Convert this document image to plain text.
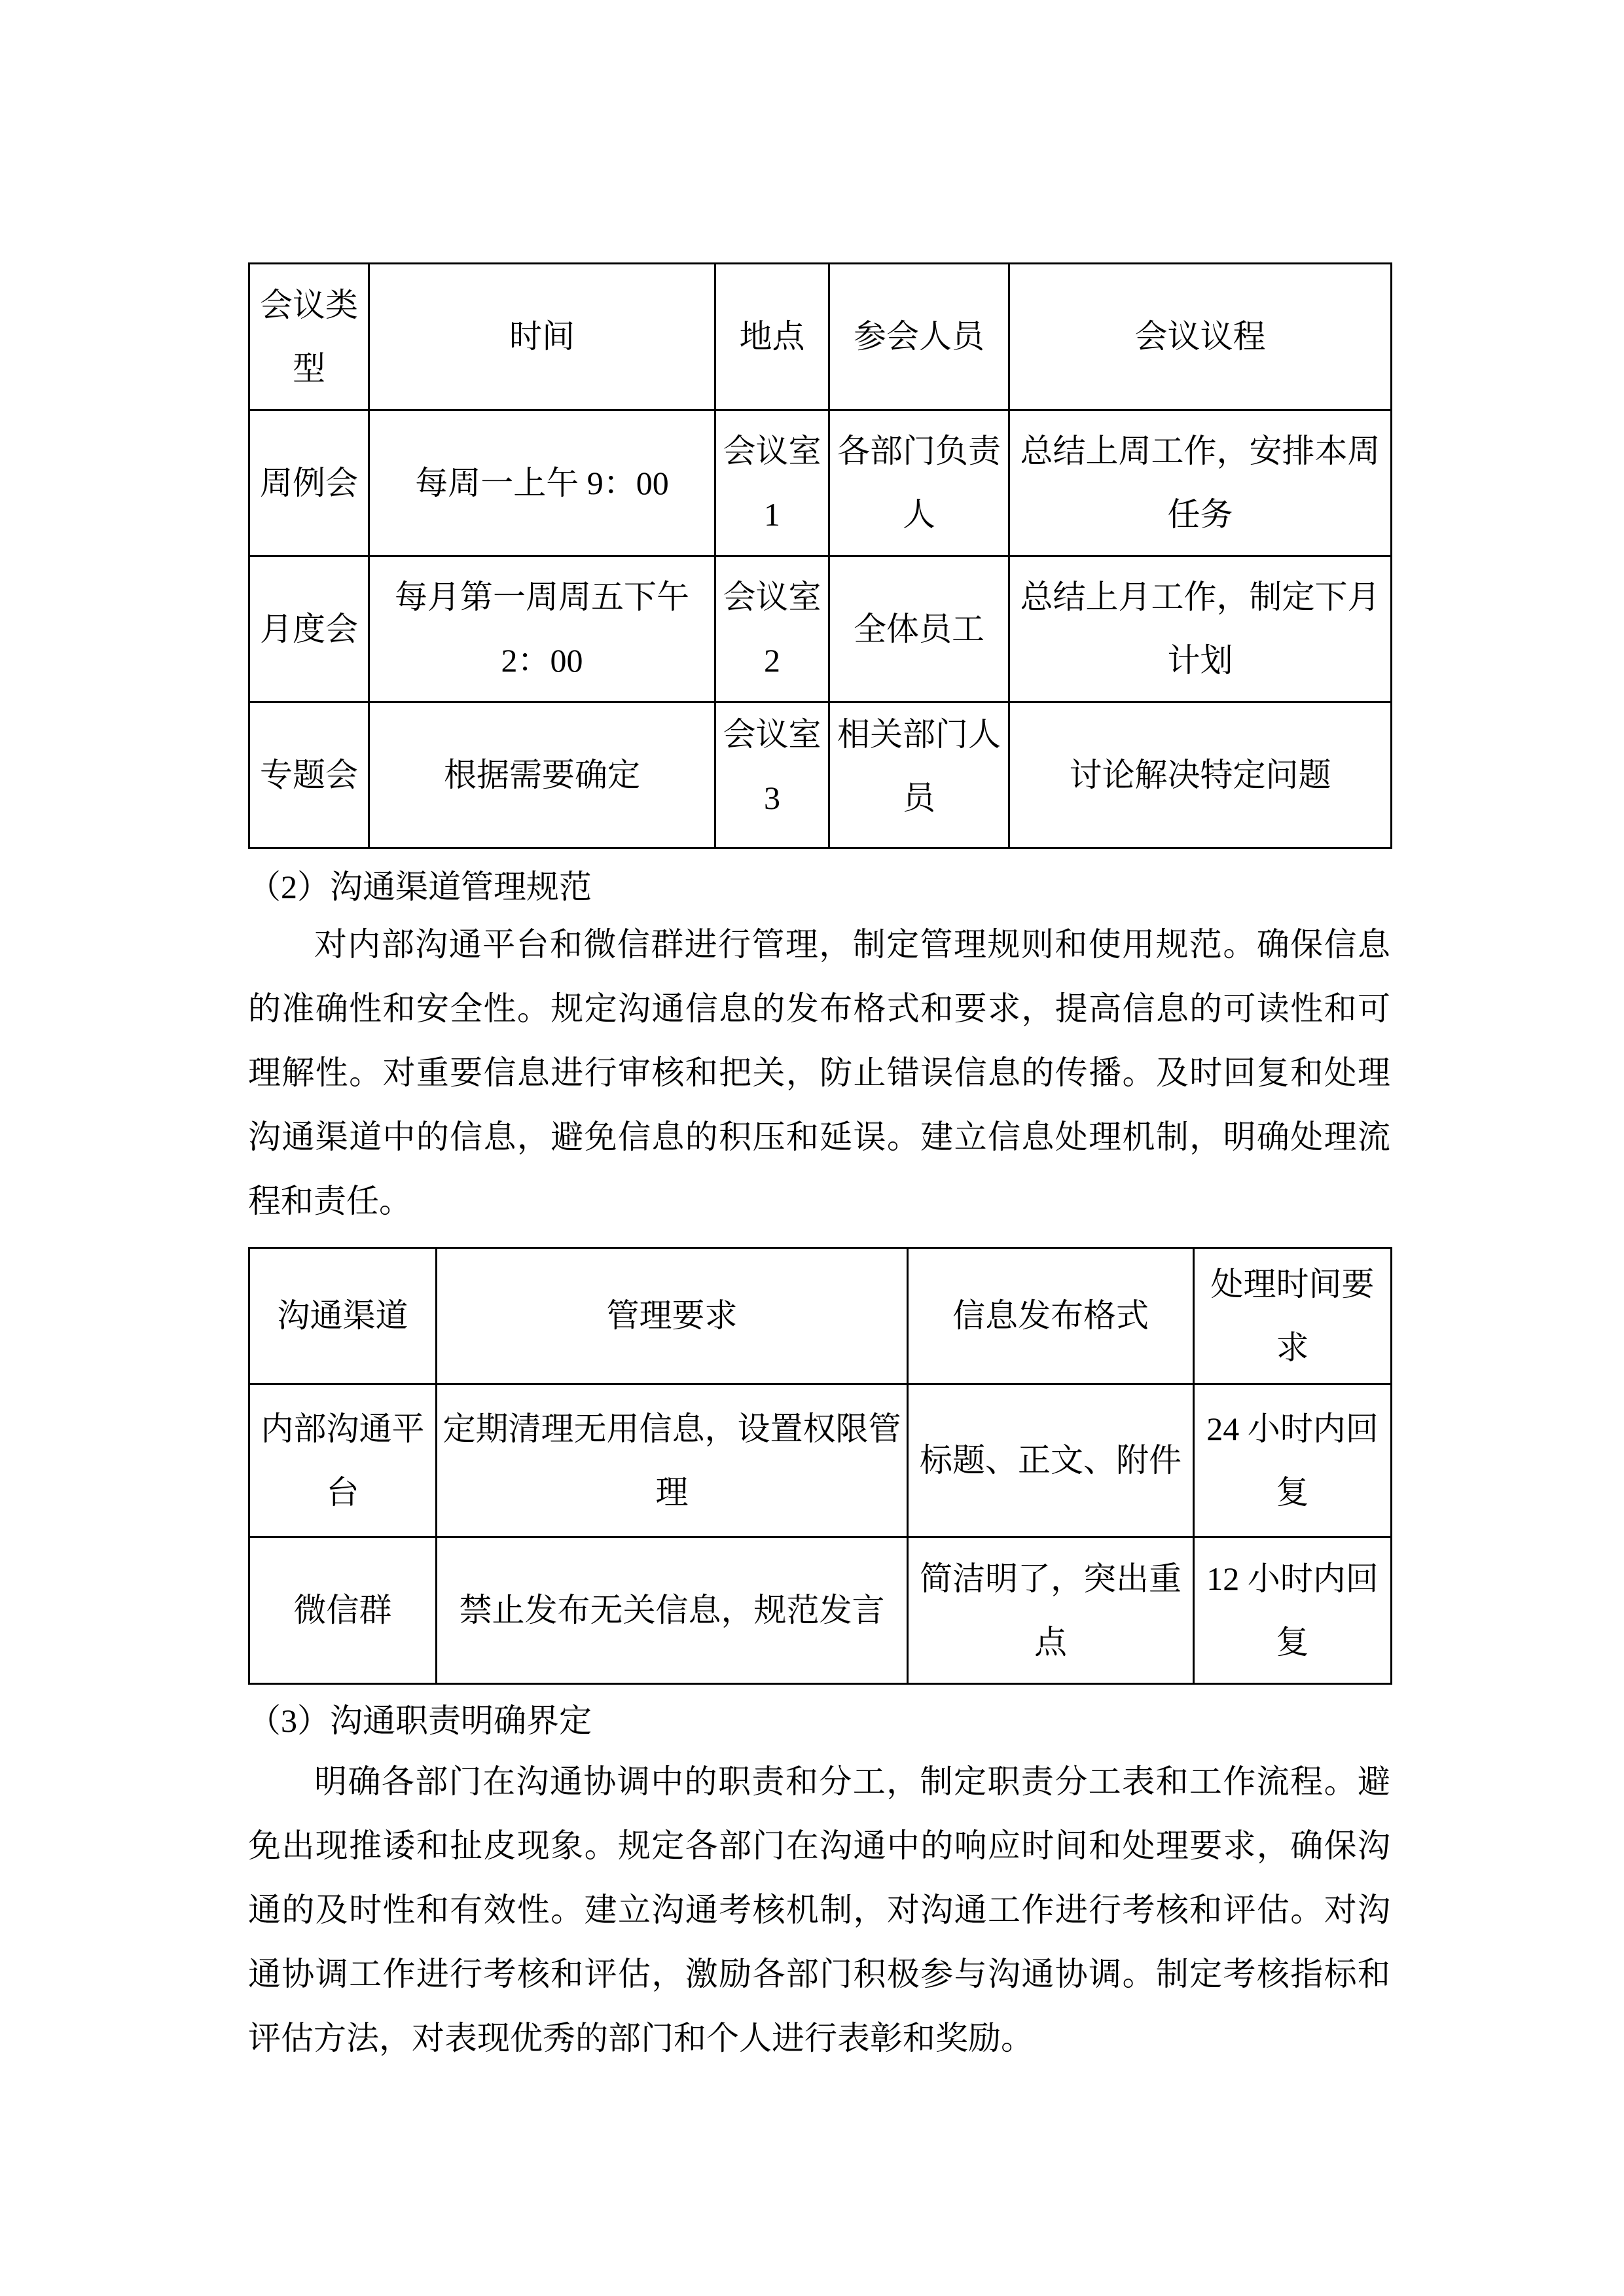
会议类型	时间	地点	参会人员	会议议程
周例会	每周一上午 9：00	会议室 1	各部门负责人	总结上周工作，安排本周任务
月度会	每月第一周周五下午 2：00	会议室 2	全体员工	总结上月工作，制定下月计划
专题会	根据需要确定	会议室 3	相关部门人员	讨论解决特定问题
（2）沟通渠道管理规范
对内部沟通平台和微信群进行管理，制定管理规则和使用规范。确保信息
的准确性和安全性。规定沟通信息的发布格式和要求，提高信息的可读性和可
理解性。对重要信息进行审核和把关，防止错误信息的传播。及时回复和处理
沟通渠道中的信息，避免信息的积压和延误。建立信息处理机制，明确处理流
程和责任。
沟通渠道	管理要求	信息发布格式	处理时间要求
内部沟通平台	定期清理无用信息，设置权限管理	标题、正文、附件	24 小时内回复
微信群	禁止发布无关信息，规范发言	简洁明了，突出重点	12 小时内回复
（3）沟通职责明确界定
明确各部门在沟通协调中的职责和分工，制定职责分工表和工作流程。避
免出现推诿和扯皮现象。规定各部门在沟通中的响应时间和处理要求，确保沟
通的及时性和有效性。建立沟通考核机制，对沟通工作进行考核和评估。对沟
通协调工作进行考核和评估，激励各部门积极参与沟通协调。制定考核指标和
评估方法，对表现优秀的部门和个人进行表彰和奖励。
